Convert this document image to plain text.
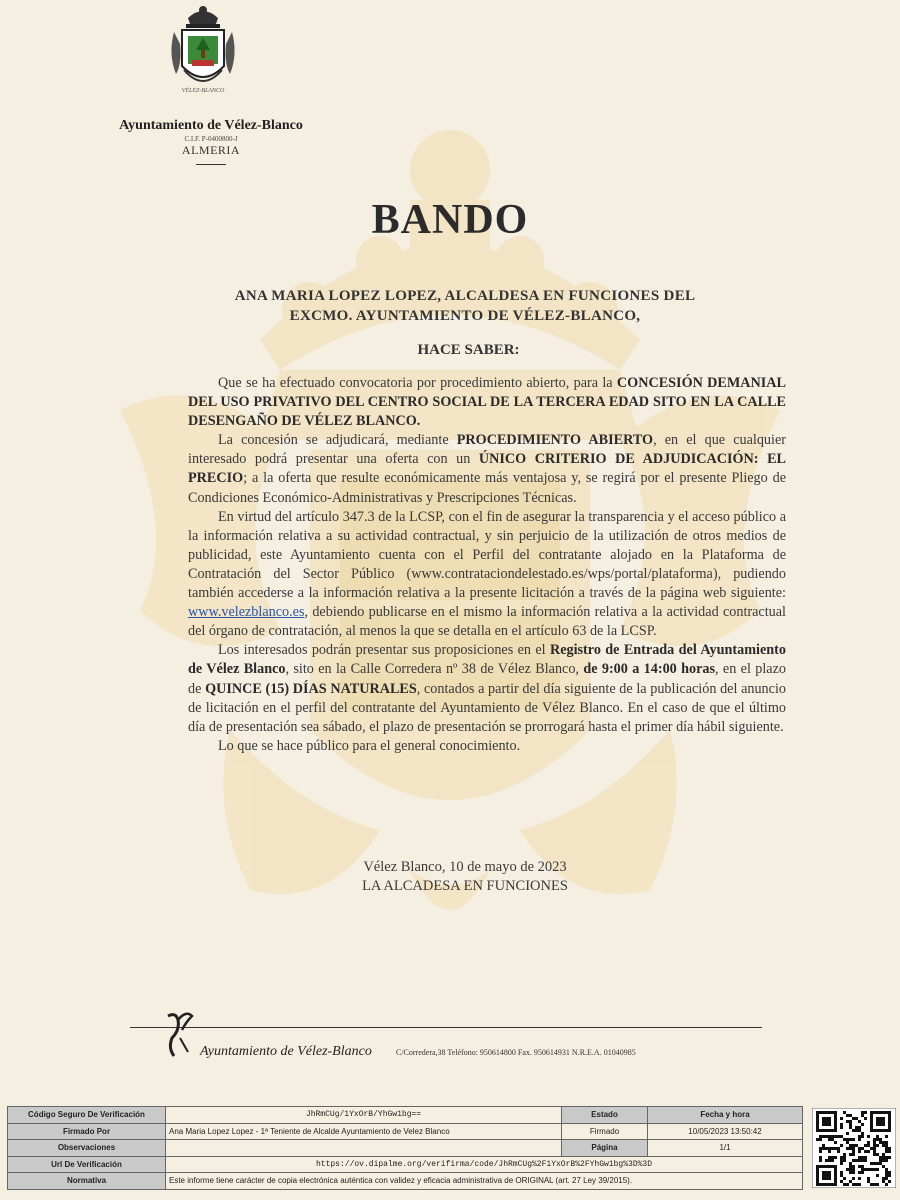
VÉLEZ-BLANCO
Ayuntamiento de Vélez-Blanco
C.I.F. P-0400800-J
ALMERIA
BANDO
ANA MARIA LOPEZ LOPEZ, ALCALDESA EN FUNCIONES DEL
EXCMO. AYUNTAMIENTO DE VÉLEZ-BLANCO,
HACE SABER:

Que se ha efectuado convocatoria por procedimiento abierto, para la CONCESIÓN DEMANIAL DEL USO PRIVATIVO DEL CENTRO SOCIAL DE LA TERCERA EDAD SITO EN LA CALLE DESENGAÑO DE VÉLEZ BLANCO.

La concesión se adjudicará, mediante PROCEDIMIENTO ABIERTO, en el que cualquier interesado podrá presentar una oferta con un ÚNICO CRITERIO DE ADJUDICACIÓN: EL PRECIO; a la oferta que resulte económicamente más ventajosa y, se regirá por el presente Pliego de Condiciones Económico-Administrativas y Prescripciones Técnicas.

En virtud del artículo 347.3 de la LCSP, con el fin de asegurar la transparencia y el acceso público a la información relativa a su actividad contractual, y sin perjuicio de la utilización de otros medios de publicidad, este Ayuntamiento cuenta con el Perfil del contratante alojado en la Plataforma de Contratación del Sector Público (www.contrataciondelestado.es/wps/portal/plataforma), pudiendo también accederse a la información relativa a la presente licitación a través de la página web siguiente: www.velezblanco.es, debiendo publicarse en el mismo la información relativa a la actividad contractual del órgano de contratación, al menos la que se detalla en el artículo 63 de la LCSP.

Los interesados podrán presentar sus proposiciones en el Registro de Entrada del Ayuntamiento de Vélez Blanco, sito en la Calle Corredera nº 38 de Vélez Blanco, de 9:00 a 14:00 horas, en el plazo de QUINCE (15) DÍAS NATURALES, contados a partir del día siguiente de la publicación del anuncio de licitación en el perfil del contratante del Ayuntamiento de Vélez Blanco. En el caso de que el último día de presentación sea sábado, el plazo de presentación se prorrogará hasta el primer día hábil siguiente.

Lo que se hace público para el general conocimiento.

Vélez Blanco, 10 de mayo de 2023
LA ALCADESA EN FUNCIONES
Ayuntamiento de Vélez-Blanco	C/Corredera,38 Teléfono: 950614800 Fax. 950614931 N.R.E.A. 01040985
Código Seguro De Verificación	JhRmCUg/1YxOrB/YhGw1bg==	Estado	Fecha y hora
Firmado Por	Ana Maria Lopez Lopez - 1ª Teniente de Alcalde Ayuntamiento de Velez Blanco	Firmado	10/05/2023 13:50:42
Observaciones		Página	1/1
Url De Verificación	https://ov.dipalme.org/verifirma/code/JhRmCUg%2F1YxOrB%2FYhGw1bg%3D%3D		
Normativa	Este informe tiene carácter de copia electrónica auténtica con validez y eficacia administrativa de ORIGINAL (art. 27 Ley 39/2015).		
